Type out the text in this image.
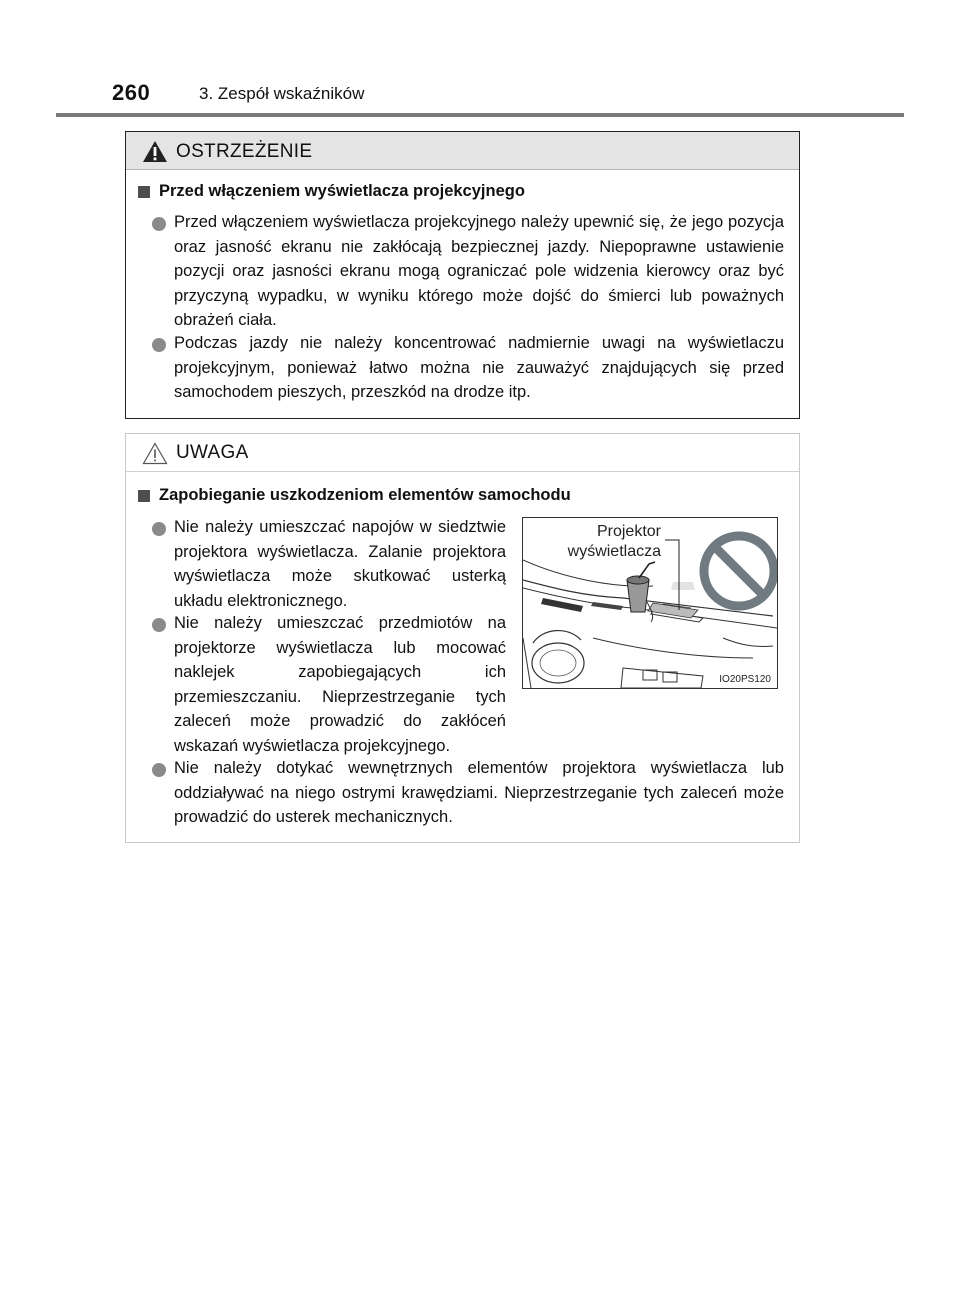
260	3. Zespół wskaźników
OSTRZEŻENIE
Przed włączeniem wyświetlacza projekcyjnego
Przed włączeniem wyświetlacza projekcyjnego należy upewnić się, że jego pozycja oraz jasność ekranu nie zakłócają bezpiecznej jazdy. Niepoprawne ustawienie pozycji oraz jasności ekranu mogą ograniczać pole widzenia kierowcy oraz być przyczyną wypadku, w wyniku którego może dojść do śmierci lub poważnych obrażeń ciała.
Podczas jazdy nie należy koncentrować nadmiernie uwagi na wyświetlaczu projekcyjnym, ponieważ łatwo można nie zauważyć znajdujących się przed samochodem pieszych, przeszkód na drodze itp.
UWAGA
Zapobieganie uszkodzeniom elementów samochodu
Nie należy umieszczać napojów w siedztwie projektora wyświetlacza. Zalanie projektora wyświetlacza może skutkować usterką układu elektronicznego.
Nie należy umieszczać przedmiotów na projektorze wyświetlacza lub mocować naklejek zapobiegających ich przemieszczaniu. Nieprzestrzeganie tych zaleceń może prowadzić do zakłóceń wskazań wyświetlacza projekcyjnego.
Nie należy dotykać wewnętrznych elementów projektora wyświetlacza lub oddziaływać na niego ostrymi krawędziami. Nieprzestrzeganie tych zaleceń może prowadzić do usterek mechanicznych.
Projektor
wyświetlacza
IO20PS120
